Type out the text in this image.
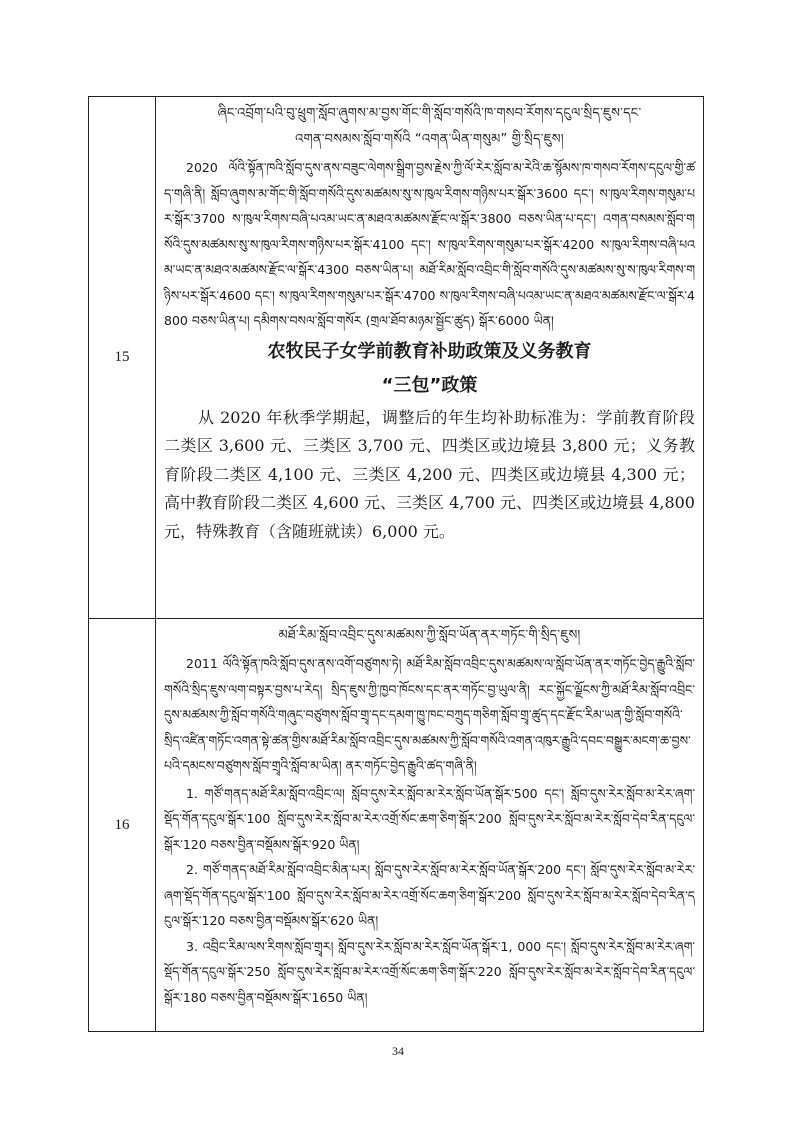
15
ཞིང་འབྲོག་པའི་བུ་ཕྲུག་སློབ་ཞུགས་མ་བྱས་གོང་གི་སློབ་གསོའི་ཁ་གསབ་རོགས་དངུལ་སྲིད་ཇུས་དང་
འགན་བསམས་སློབ་གསོའི “འགན་ཡིན་གསུམ” གྱི་སྲིད་ཇུས།

2020 ལོའི་སྟོན་ཁའི་སློབ་དུས་ནས་བཟུང་ལེགས་སྒྲིག་བྱས་རྗེས་ཀྱི་ལོ་རེར་སློབ་མ་རེའི་ཆ་སྙོམས་ཁ་གསབ་རོགས་དངུལ་གྱི་ཚད་གཞི་ནི། སློབ་ཞུགས་མ་གོང་གི་སློབ་གསོའི་དུས་མཚམས་སུ་ས་ཁུལ་རིགས་གཉིས་པར་སྒོར་3600 དང་། ས་ཁུལ་རིགས་གསུམ་པར་སྒོར་3700 ས་ཁུལ་རིགས་བཞི་པའམ་ཡང་ན་མཐའ་མཚམས་རྫོང་ལ་སྒོར་3800 བཅས་ཡིན་པ་དང་། འགན་བསམས་སློབ་གསོའི་དུས་མཚམས་སུ་ས་ཁུལ་རིགས་གཉིས་པར་སྒོར་4100 དང་། ས་ཁུལ་རིགས་གསུམ་པར་སྒོར་4200 ས་ཁུལ་རིགས་བཞི་པའམ་ཡང་ན་མཐའ་མཚམས་རྫོང་ལ་སྒོར་4300 བཅས་ཡིན་པ། མཐོ་རིམ་སློབ་འབྲིང་གི་སློབ་གསོའི་དུས་མཚམས་སུ་ས་ཁུལ་རིགས་གཉིས་པར་སྒོར་4600 དང་། ས་ཁུལ་རིགས་གསུམ་པར་སྒོར་4700 ས་ཁུལ་རིགས་བཞི་པའམ་ཡང་ན་མཐའ་མཚམས་རྫོང་ལ་སྒོར་4800 བཅས་ཡིན་པ། དམིགས་བསལ་སློབ་གསོར (གྲལ་ཐོབ་མཉམ་སྦྱོང་ཚུད) སྒོར་6000 ཡིན།

农牧民子女学前教育补助政策及义务教育
“三包”政策

从 2020 年秋季学期起，调整后的年生均补助标准为：学前教育阶段二类区 3,600 元、三类区 3,700 元、四类区或边境县 3,800 元；义务教育阶段二类区 4,100 元、三类区 4,200 元、四类区或边境县 4,300 元；高中教育阶段二类区 4,600 元、三类区 4,700 元、四类区或边境县 4,800 元，特殊教育（含随班就读）6,000 元。

16
མཐོ་རིམ་སློབ་འབྲིང་དུས་མཚམས་ཀྱི་སློབ་ཡོན་ནར་གཏོང་གི་སྲིད་ཇུས།

2011 ལོའི་སྟོན་ཁའི་སློབ་དུས་ནས་འགོ་བཙུགས་ཏེ། མཐོ་རིམ་སློབ་འབྲིང་དུས་མཚམས་ལ་སློབ་ཡོན་ནར་གཏོང་བྱེད་རྒྱུའི་སློབ་གསོའི་སྲིད་ཇུས་ལག་བསྟར་བྱས་པ་རེད། སྲིད་ཇུས་ཀྱི་ཁྱབ་ཁོངས་དང་ནར་གཏོང་བྱ་ཡུལ་ནི། རང་སྐྱོང་ལྗོངས་ཀྱི་མཐོ་རིམ་སློབ་འབྲིང་དུས་མཚམས་ཀྱི་སློབ་གསོའི་གཞུང་བཙུགས་སློབ་གྲྭ་དང་དམག་ཁྱུ་ཁང་བཀྲུད་གཅིག་སློབ་གྲྭ་ཚུད་དང་རྫོང་རིམ་ཡན་གྱི་སློབ་གསོའི་སྲིད་འཛིན་གཏོང་འགན་སྟེ་ཚན་གྱིས་མཐོ་རིམ་སློབ་འབྲིང་དུས་མཚམས་ཀྱི་སློབ་གསོའི་འགན་འཁུར་རྒྱུའི་དབང་བསྒྱུར་མངག་ཆ་བྱས་པའི་དམངས་བཙུགས་སློབ་གྲྭའི་སློབ་མ་ཡིན། ནར་གཏོང་བྱེད་རྒྱུའི་ཚད་གཞི་ནི།

1. གཙོ་གནད་མཐོ་རིམ་སློབ་འབྲིང་ལ། སློབ་དུས་རེར་སློབ་མ་རེར་སློབ་ཡོན་སྒོར་500 དང་། སློབ་དུས་རེར་སློབ་མ་རེར་ཞག་སྡོད་གོན་དངུལ་སྒོར་100 སློབ་དུས་རེར་སློབ་མ་རེར་འགྲོ་སོང་ཆག་ཅིག་སྒོར་200 སློབ་དུས་རེར་སློབ་མ་རེར་སློབ་དེབ་རིན་དངུལ་སྒོར་120 བཅས་བྱིན་བསྡོམས་སྒོར་920 ཡིན།

2. གཙོ་གནད་མཐོ་རིམ་སློབ་འབྲིང་མིན་པར། སློབ་དུས་རེར་སློབ་མ་རེར་སློབ་ཡོན་སྒོར་200 དང་། སློབ་དུས་རེར་སློབ་མ་རེར་ཞག་སྡོད་གོན་དངུལ་སྒོར་100 སློབ་དུས་རེར་སློབ་མ་རེར་འགྲོ་སོང་ཆག་ཅིག་སྒོར་200 སློབ་དུས་རེར་སློབ་མ་རེར་སློབ་དེབ་རིན་དངུལ་སྒོར་120 བཅས་བྱིན་བསྡོམས་སྒོར་620 ཡིན།

3. འབྲིང་རིམ་ལས་རིགས་སློབ་གྲྭར། སློབ་དུས་རེར་སློབ་མ་རེར་སློབ་ཡོན་སྒོར་1, 000 དང་། སློབ་དུས་རེར་སློབ་མ་རེར་ཞག་སྡོད་གོན་དངུལ་སྒོར་250 སློབ་དུས་རེར་སློབ་མ་རེར་འགྲོ་སོང་ཆག་ཅིག་སྒོར་220 སློབ་དུས་རེར་སློབ་མ་རེར་སློབ་དེབ་རིན་དངུལ་སྒོར་180 བཅས་བྱིན་བསྡོམས་སྒོར་1650 ཡིན།

34
